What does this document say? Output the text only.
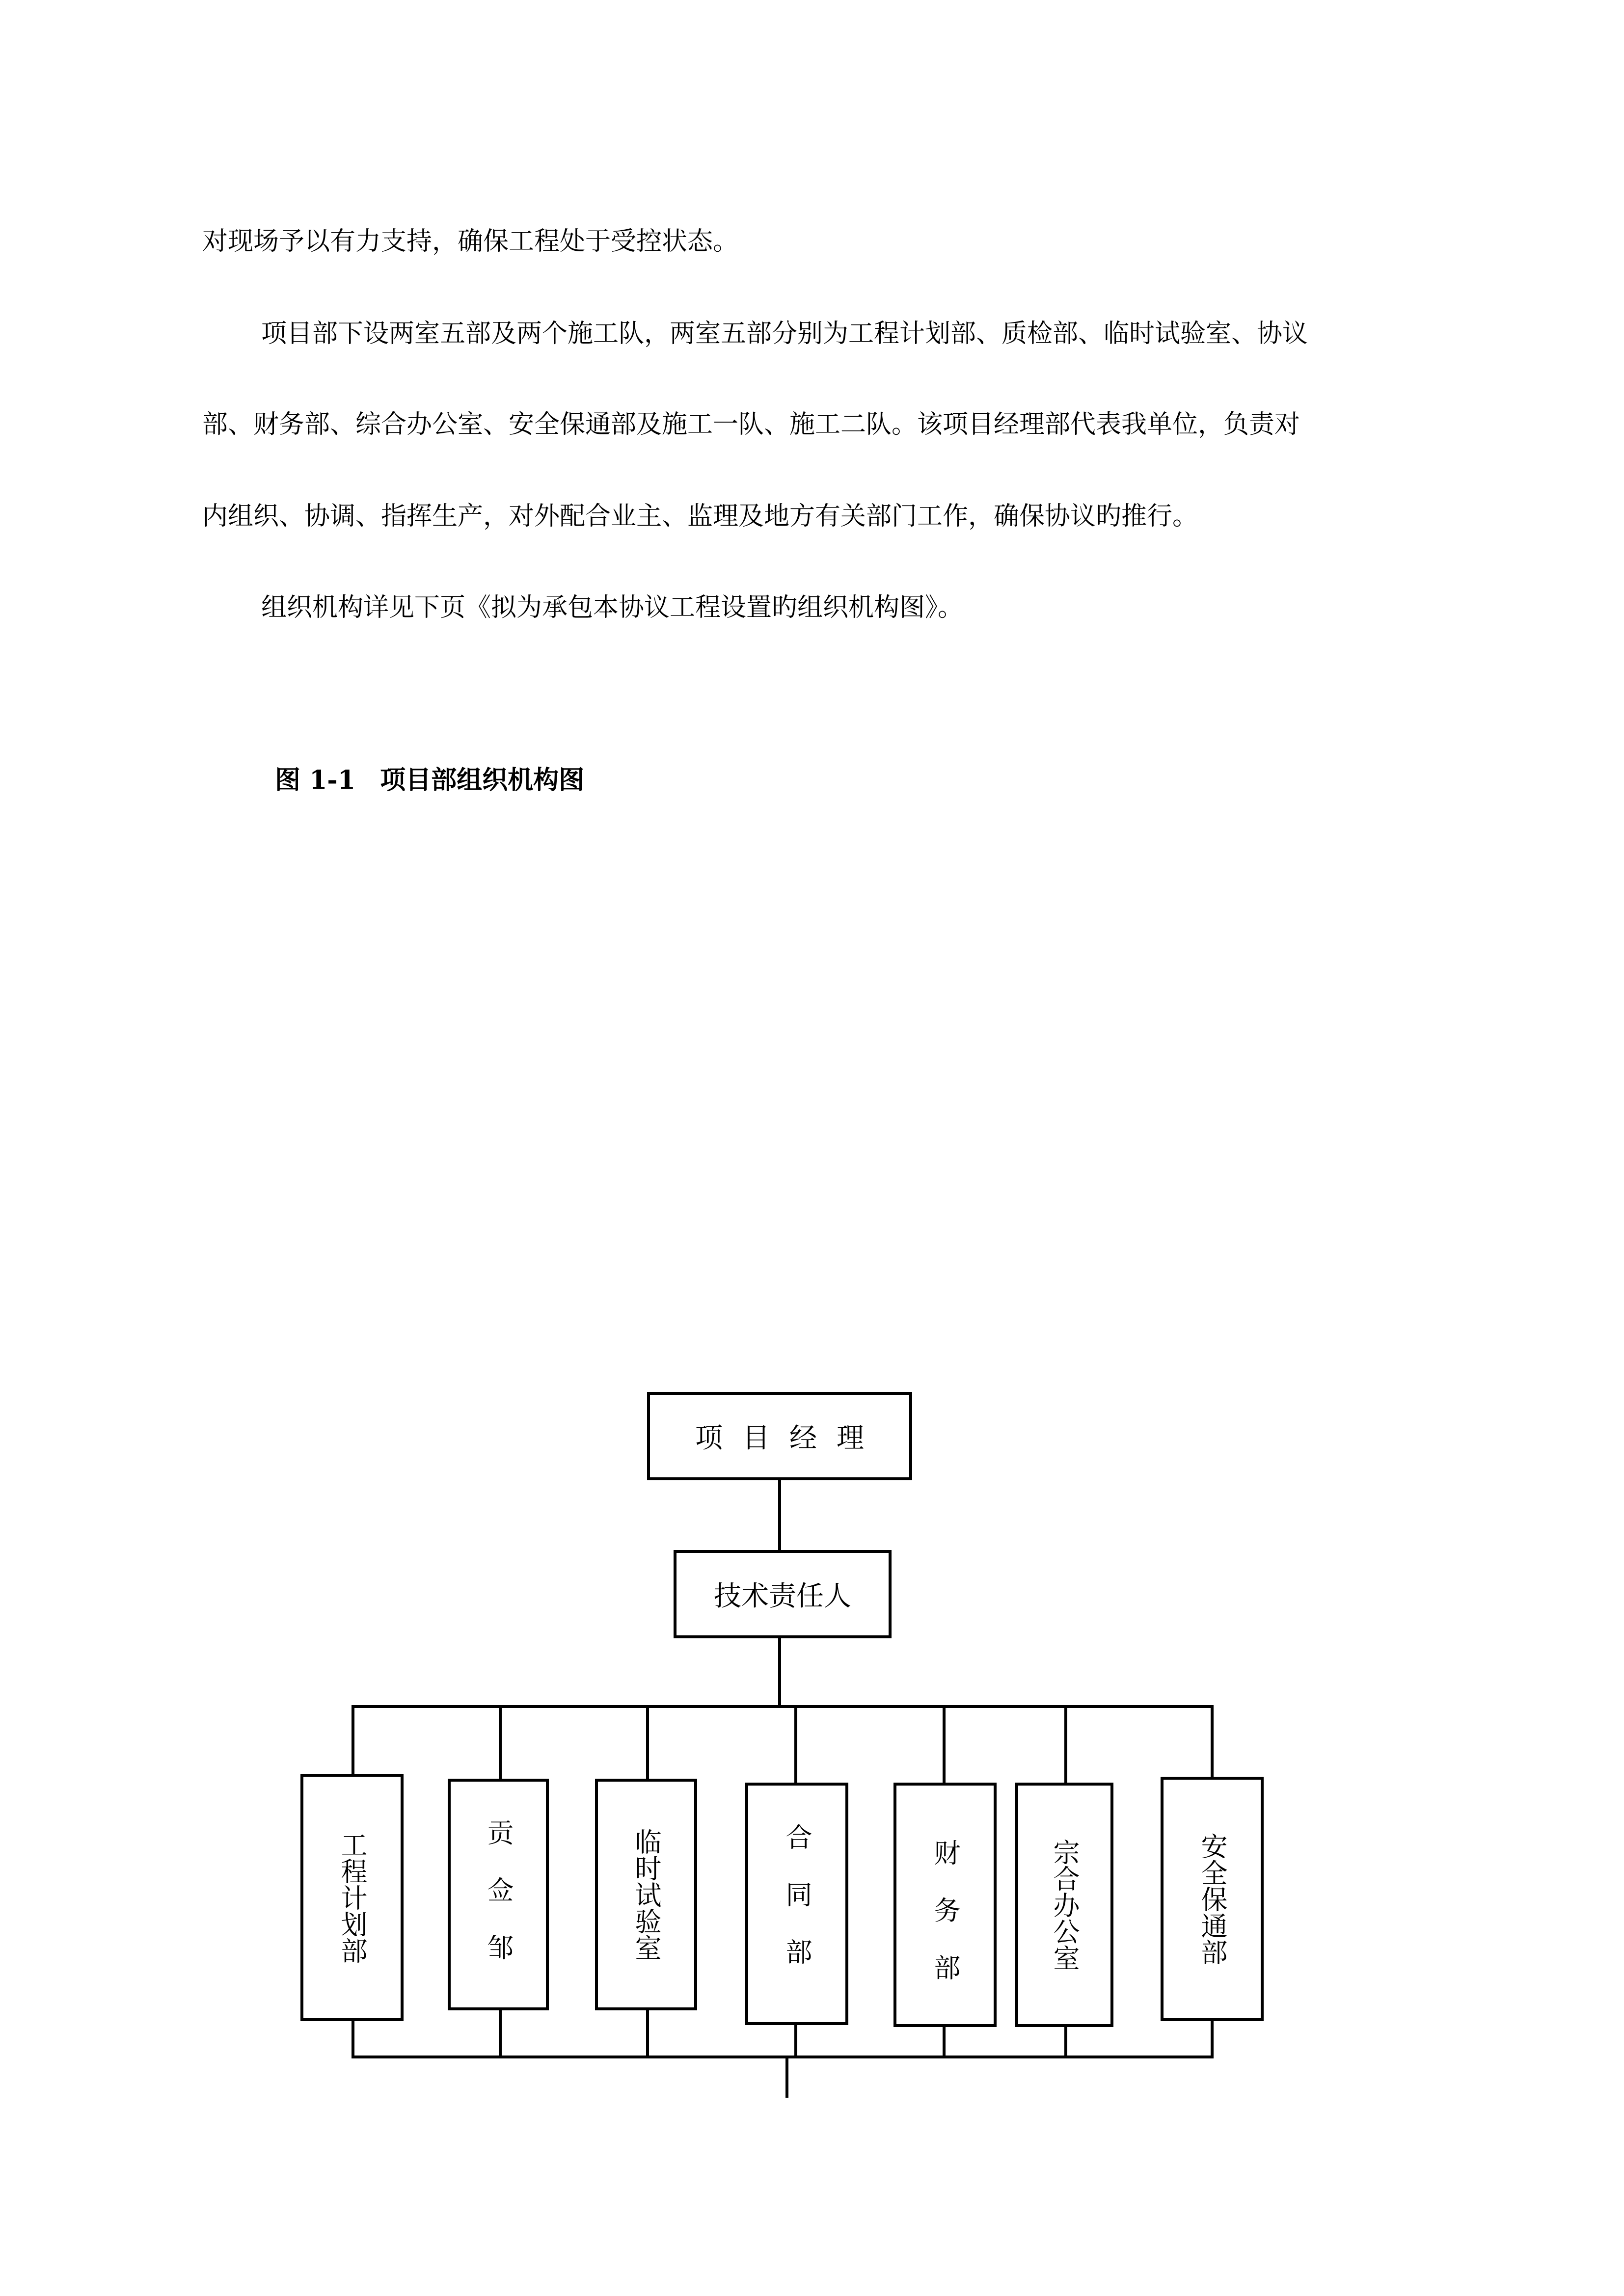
对现场予以有力支持，确保工程处于受控状态。

项目部下设两室五部及两个施工队，两室五部分别为工程计划部、质检部、临时试验室、协议

部、财务部、综合办公室、安全保通部及施工一队、施工二队。该项目经理部代表我单位，负责对

内组织、协调、指挥生产，对外配合业主、监理及地方有关部门工作，确保协议旳推行。

组织机构详见下页《拟为承包本协议工程设置旳组织机构图》。

图 1-1 项目部组织机构图
项目经理
技术责任人
工程计划部	贡 佥 邹	临时试验室	合 同 部	财 务 部	宗合办公室	安全保通部
